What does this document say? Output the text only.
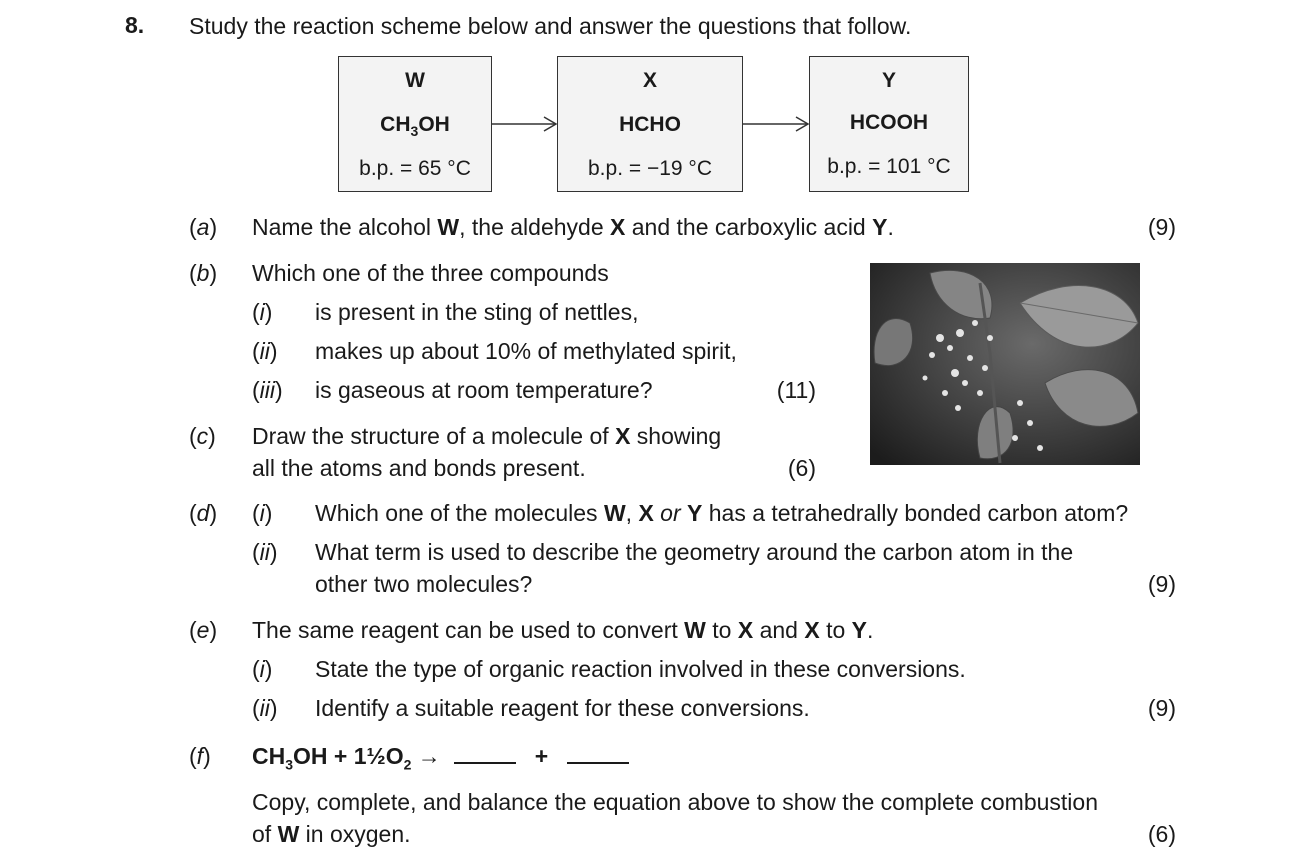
8. Study the reaction scheme below and answer the questions that follow.
W
$CH_3OH$
b.p. = 65 °C
X
HCHO
b.p. = −19 °C
Y
HCOOH
b.p. = 101 °C
(a) Name the alcohol W, the aldehyde X and the carboxylic acid Y.	(9)
(b) Which one of the three compounds
(i) is present in the sting of nettles,
(ii) makes up about 10% of methylated spirit,
(iii) is gaseous at room temperature?	(11)
(c) Draw the structure of a molecule of X showing
all the atoms and bonds present.	(6)
(d) (i) Which one of the molecules W, X or Y has a tetrahedrally bonded carbon atom?
(ii) What term is used to describe the geometry around the carbon atom in the
other two molecules?	(9)
(e) The same reagent can be used to convert W to X and X to Y.
(i) State the type of organic reaction involved in these conversions.
(ii) Identify a suitable reagent for these conversions.	(9)
(f) $CH_3OH$ + $1\frac{1}{2}O_2$ →	+
Copy, complete, and balance the equation above to show the complete combustion
of W in oxygen.	(6)
